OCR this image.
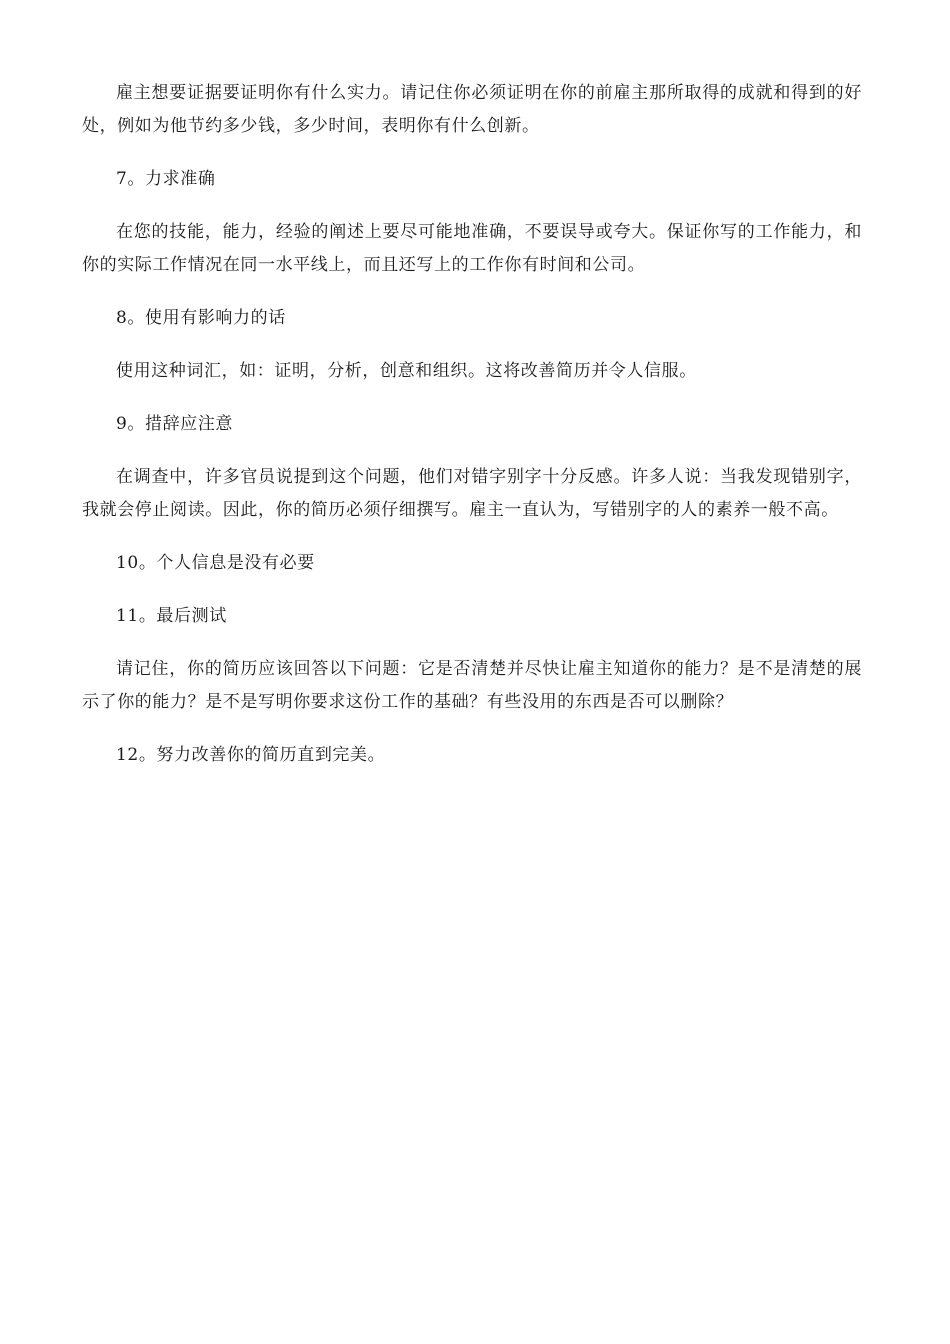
雇主想要证据要证明你有什么实力。请记住你必须证明在你的前雇主那所取得的成就和得到的好处，例如为他节约多少钱，多少时间，表明你有什么创新。

7。力求准确

在您的技能，能力，经验的阐述上要尽可能地准确，不要误导或夸大。保证你写的工作能力，和你的实际工作情况在同一水平线上，而且还写上的工作你有时间和公司。

8。使用有影响力的话

使用这种词汇，如：证明，分析，创意和组织。这将改善简历并令人信服。

9。措辞应注意

在调查中，许多官员说提到这个问题，他们对错字别字十分反感。许多人说：当我发现错别字，我就会停止阅读。因此，你的简历必须仔细撰写。雇主一直认为，写错别字的人的素养一般不高。

10。个人信息是没有必要

11。最后测试

请记住，你的简历应该回答以下问题：它是否清楚并尽快让雇主知道你的能力？是不是清楚的展示了你的能力？是不是写明你要求这份工作的基础？有些没用的东西是否可以删除？

12。努力改善你的简历直到完美。
